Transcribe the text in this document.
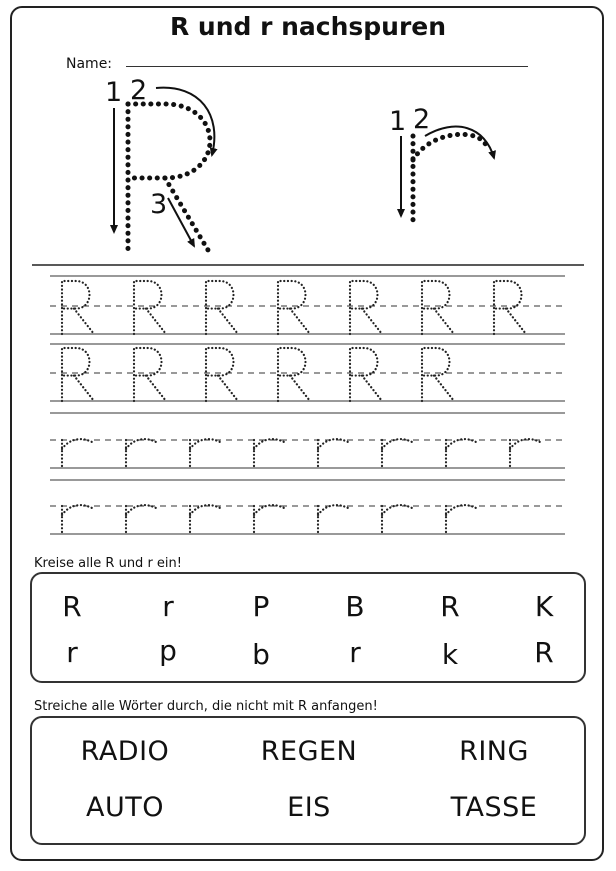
R und r nachspuren
Name:
1 2
3
1 2
Kreise alle R und r ein!
R	r	P	B	R	K
r	p	b	r	k	R
Streiche alle Wörter durch, die nicht mit R anfangen!
RADIO	REGEN	RING
AUTO	EIS	TASSE
